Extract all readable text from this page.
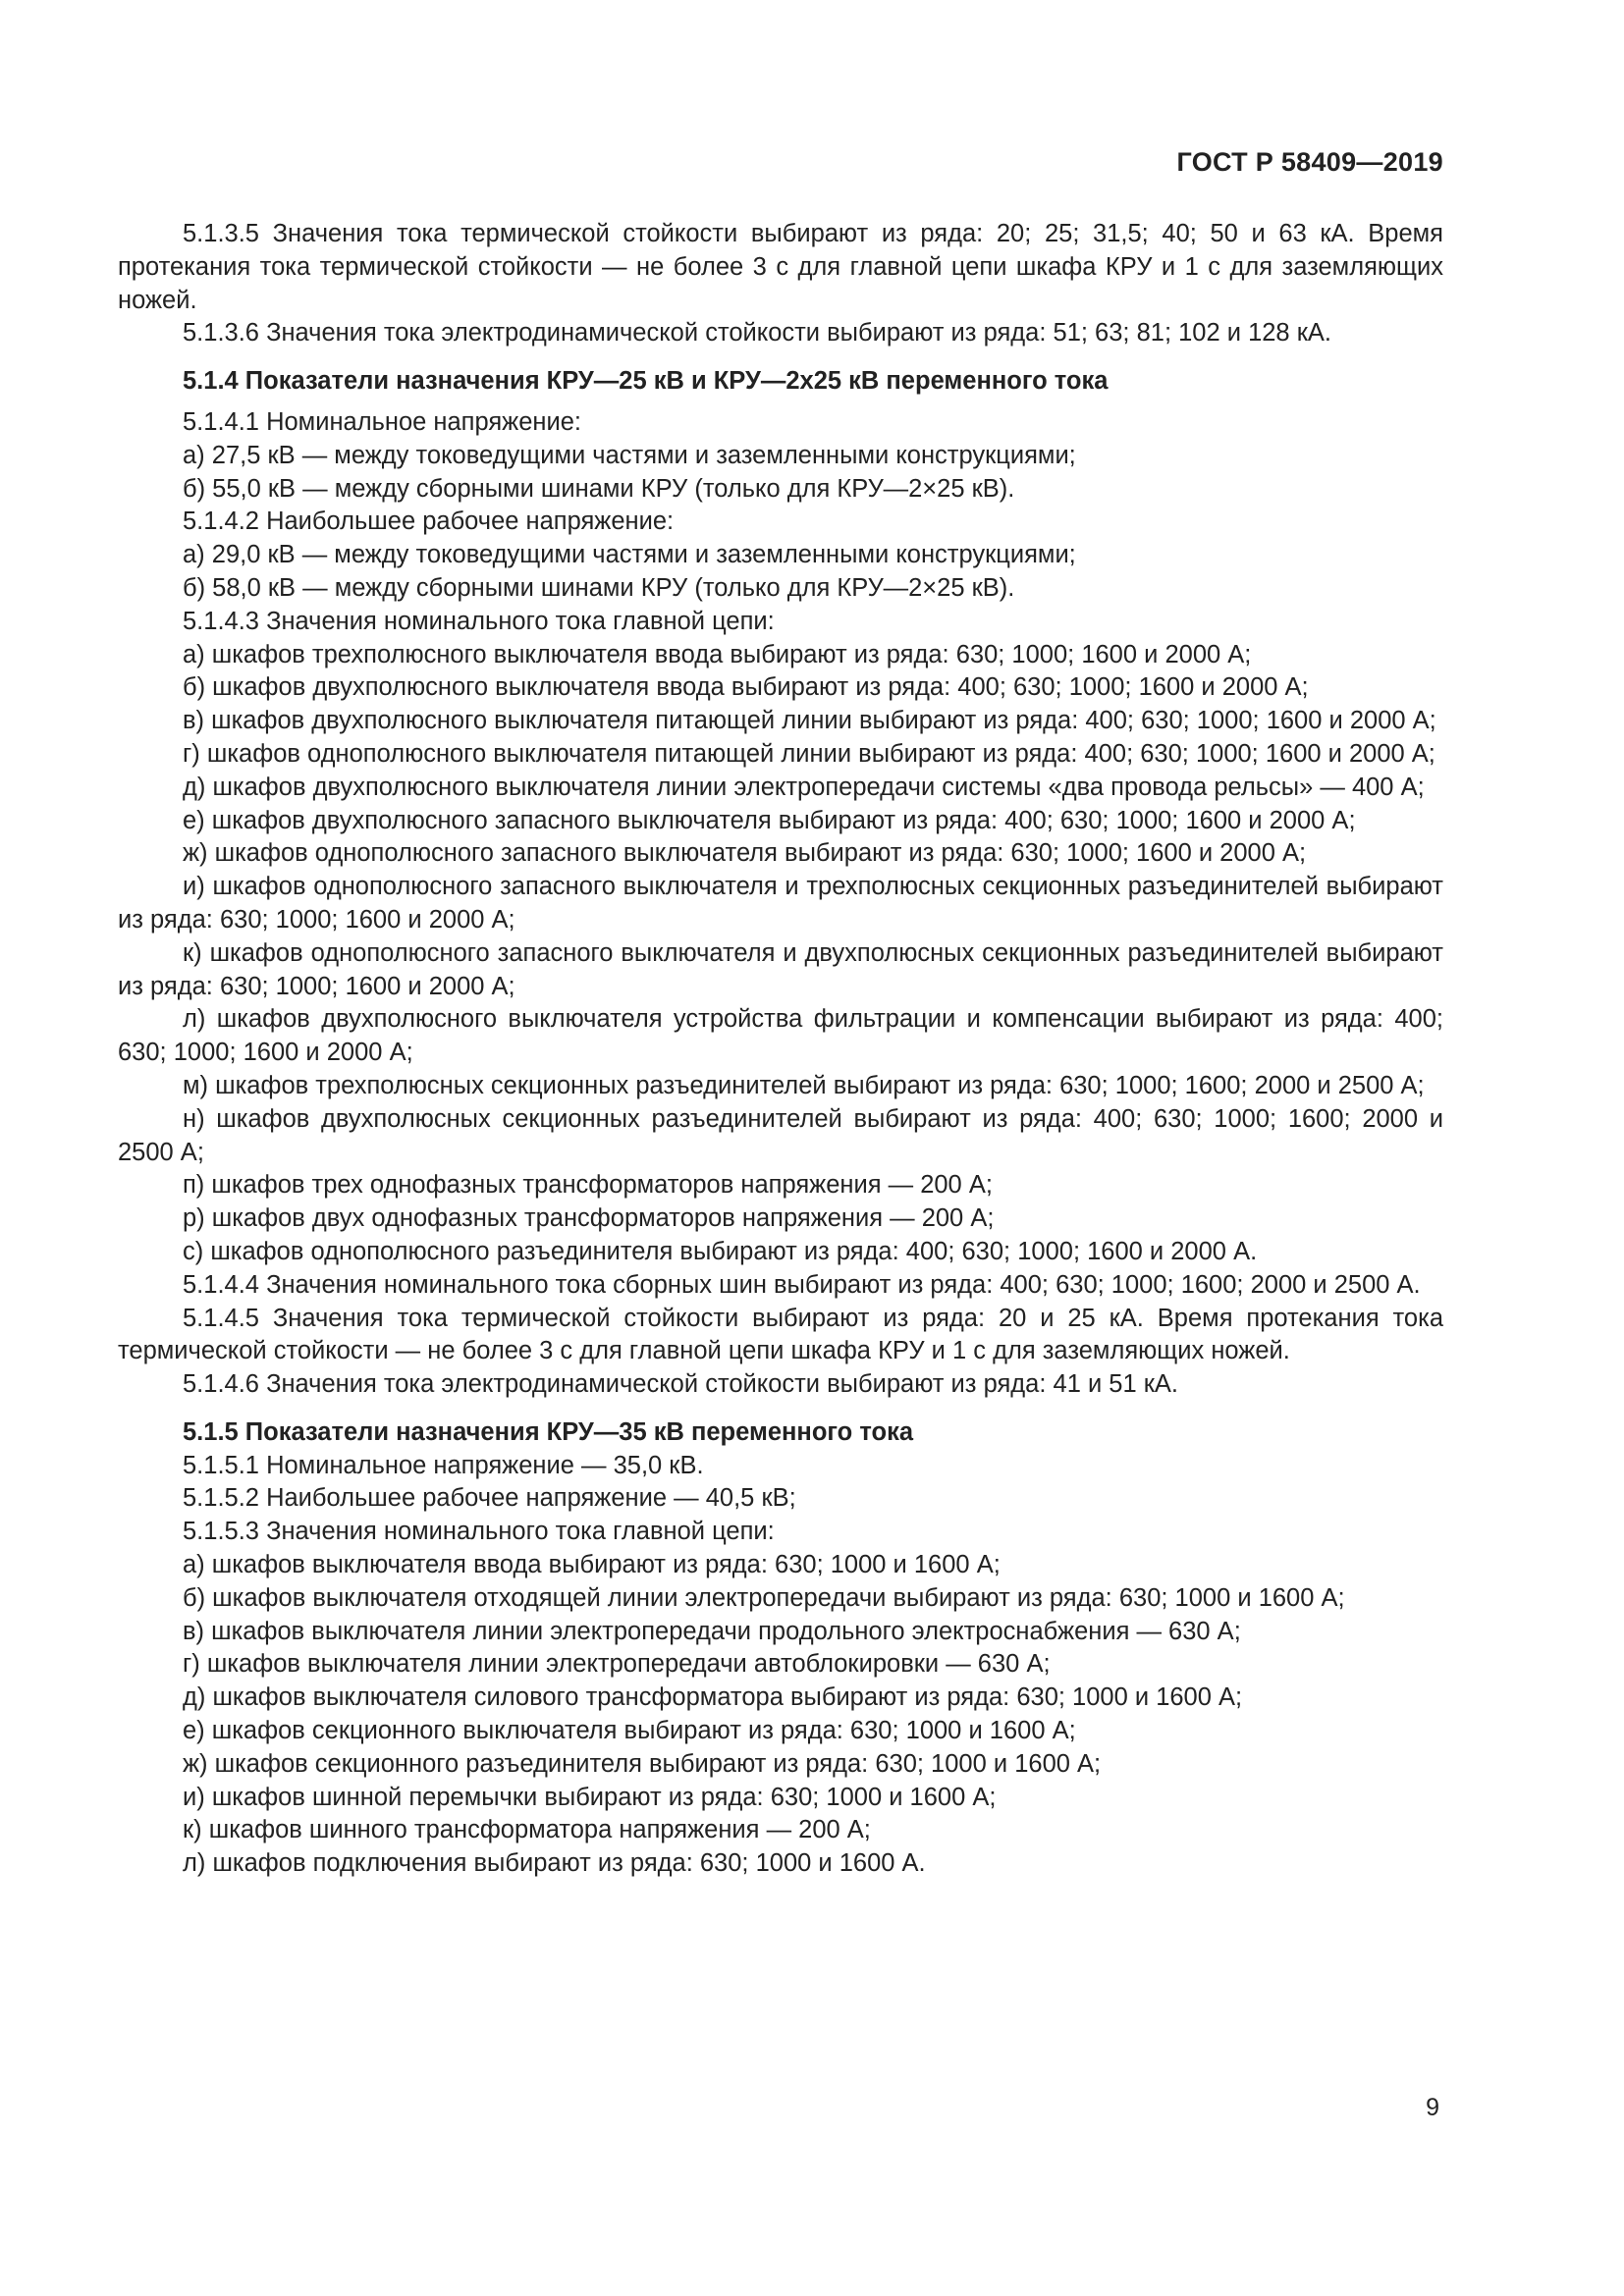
ГОСТ Р 58409—2019

5.1.3.5 Значения тока термической стойкости выбирают из ряда: 20; 25; 31,5; 40; 50 и 63 кА. Время протекания тока термической стойкости — не более 3 с для главной цепи шкафа КРУ и 1 с для заземляющих ножей.

5.1.3.6 Значения тока электродинамической стойкости выбирают из ряда: 51; 63; 81; 102 и 128 кА.

5.1.4 Показатели назначения КРУ—25 кВ и КРУ—2х25 кВ переменного тока

5.1.4.1 Номинальное напряжение:

а) 27,5 кВ — между токоведущими частями и заземленными конструкциями;

б) 55,0 кВ — между сборными шинами КРУ (только для КРУ—2×25 кВ).

5.1.4.2 Наибольшее рабочее напряжение:

а) 29,0 кВ — между токоведущими частями и заземленными конструкциями;

б) 58,0 кВ — между сборными шинами КРУ (только для КРУ—2×25 кВ).

5.1.4.3 Значения номинального тока главной цепи:

а) шкафов трехполюсного выключателя ввода выбирают из ряда: 630; 1000; 1600 и 2000 А;

б) шкафов двухполюсного выключателя ввода выбирают из ряда: 400; 630; 1000; 1600 и 2000 А;

в) шкафов двухполюсного выключателя питающей линии выбирают из ряда: 400; 630; 1000; 1600 и 2000 А;

г) шкафов однополюсного выключателя питающей линии выбирают из ряда: 400; 630; 1000; 1600 и 2000 А;

д) шкафов двухполюсного выключателя линии электропередачи системы «два провода рельсы» — 400 А;

е) шкафов двухполюсного запасного выключателя выбирают из ряда: 400; 630; 1000; 1600 и 2000 А;

ж) шкафов однополюсного запасного выключателя выбирают из ряда: 630; 1000; 1600 и 2000 А;

и) шкафов однополюсного запасного выключателя и трехполюсных секционных разъединителей выбирают из ряда: 630; 1000; 1600 и 2000 А;

к) шкафов однополюсного запасного выключателя и двухполюсных секционных разъединителей выбирают из ряда: 630; 1000; 1600 и 2000 А;

л) шкафов двухполюсного выключателя устройства фильтрации и компенсации выбирают из ряда: 400; 630; 1000; 1600 и 2000 А;

м) шкафов трехполюсных секционных разъединителей выбирают из ряда: 630; 1000; 1600; 2000 и 2500 А;

н) шкафов двухполюсных секционных разъединителей выбирают из ряда: 400; 630; 1000; 1600; 2000 и 2500 А;

п) шкафов трех однофазных трансформаторов напряжения — 200 А;

р) шкафов двух однофазных трансформаторов напряжения — 200 А;

с) шкафов однополюсного разъединителя выбирают из ряда: 400; 630; 1000; 1600 и 2000 А.

5.1.4.4 Значения номинального тока сборных шин выбирают из ряда: 400; 630; 1000; 1600; 2000 и 2500 А.

5.1.4.5 Значения тока термической стойкости выбирают из ряда: 20 и 25 кА. Время протекания тока термической стойкости — не более 3 с для главной цепи шкафа КРУ и 1 с для заземляющих ножей.

5.1.4.6 Значения тока электродинамической стойкости выбирают из ряда: 41 и 51 кА.

5.1.5 Показатели назначения КРУ—35 кВ переменного тока

5.1.5.1 Номинальное напряжение — 35,0 кВ.

5.1.5.2 Наибольшее рабочее напряжение — 40,5 кВ;

5.1.5.3 Значения номинального тока главной цепи:

а) шкафов выключателя ввода выбирают из ряда: 630; 1000 и 1600 А;

б) шкафов выключателя отходящей линии электропередачи выбирают из ряда: 630; 1000 и 1600 А;

в) шкафов выключателя линии электропередачи продольного электроснабжения — 630 А;

г) шкафов выключателя линии электропередачи автоблокировки — 630 А;

д) шкафов выключателя силового трансформатора выбирают из ряда: 630; 1000 и 1600 А;

е) шкафов секционного выключателя выбирают из ряда: 630; 1000 и 1600 А;

ж) шкафов секционного разъединителя выбирают из ряда: 630; 1000 и 1600 А;

и) шкафов шинной перемычки выбирают из ряда: 630; 1000 и 1600 А;

к) шкафов шинного трансформатора напряжения — 200 А;

л) шкафов подключения выбирают из ряда: 630; 1000 и 1600 А.

9
